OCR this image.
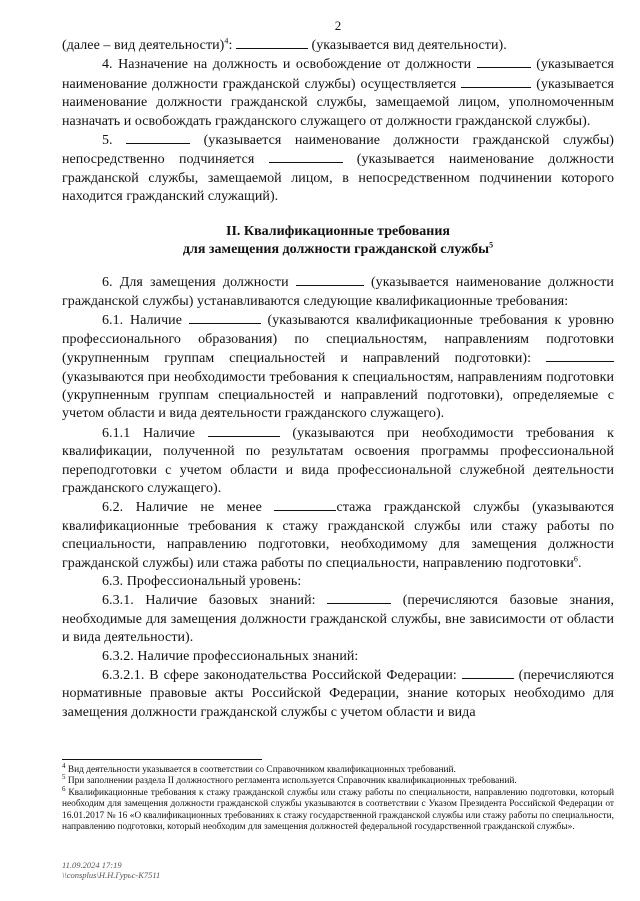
2

(далее – вид деятельности)$^4$:	(указывается вид деятельности).

4. Назначение на должность и освобождение от должности	(указывается наименование должности гражданской службы) осуществляется	(указывается наименование должности гражданской службы, замещаемой лицом, уполномоченным назначать и освобождать гражданского служащего от должности гражданской службы).

5.	(указывается наименование должности гражданской службы) непосредственно подчиняется	(указывается наименование должности гражданской службы, замещаемой лицом, в непосредственном подчинении которого находится гражданский служащий).

II. Квалификационные требования
для замещения должности гражданской службы$^5$

6. Для замещения должности	(указывается наименование должности гражданской службы) устанавливаются следующие квалификационные требования:

6.1. Наличие	(указываются квалификационные требования к уровню профессионального образования) по специальностям, направлениям подготовки (укрупненным группам специальностей и направлений подготовки):  (указываются при необходимости требования к специальностям, направлениям подготовки (укрупненным группам специальностей и направлений подготовки), определяемые с учетом области и вида деятельности гражданского служащего).

6.1.1 Наличие	(указываются при необходимости требования к квалификации, полученной по результатам освоения программы профессиональной переподготовки с учетом области и вида профессиональной служебной деятельности гражданского служащего).

6.2. Наличие не менее	стажа гражданской службы (указываются квалификационные требования к стажу гражданской службы или стажу работы по специальности, направлению подготовки, необходимому для замещения должности гражданской службы) или стажа работы по специальности, направлению подготовки$^6$.

6.3. Профессиональный уровень:

6.3.1. Наличие базовых знаний:	(перечисляются базовые знания, необходимые для замещения должности гражданской службы, вне зависимости от области и вида деятельности).

6.3.2. Наличие профессиональных знаний:

6.3.2.1. В сфере законодательства Российской Федерации:	(перечисляются нормативные правовые акты Российской Федерации, знание которых необходимо для замещения должности гражданской службы с учетом области и вида

$^4$ Вид деятельности указывается в соответствии со Справочником квалификационных требований.

$^5$ При заполнении раздела II должностного регламента используется Справочник квалификационных требований.

$^6$ Квалификационные требования к стажу гражданской службы или стажу работы по специальности, направлению подготовки, который необходим для замещения должности гражданской службы указываются в соответствии с Указом Президента Российской Федерации от 16.01.2017 № 16 «О квалификационных требованиях к стажу государственной гражданской службы или стажу работы по специальности, направлению подготовки, который необходим для замещения должностей федеральной государственной гражданской службы».

11.09.2024 17:19
\\consplus\Н.Н.Гурьс-К7511
